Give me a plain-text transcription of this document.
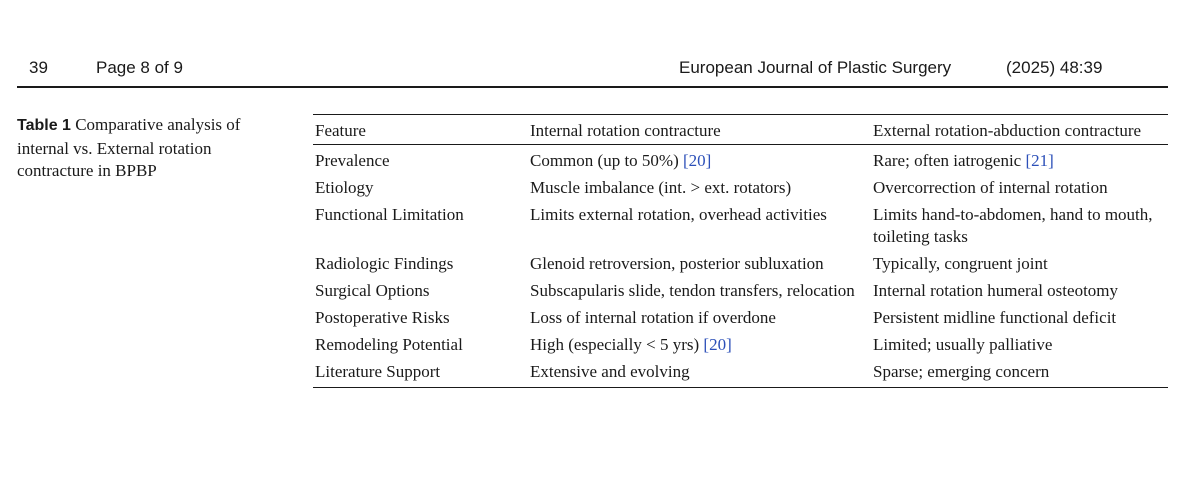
39	Page 8 of 9	European Journal of Plastic Surgery	(2025) 48:39
Table 1 Comparative analysis of internal vs. External rotation contracture in BPBP
Feature	Internal rotation contracture	External rotation-abduction contracture
Prevalence	Common (up to 50%) [20]	Rare; often iatrogenic [21]
Etiology	Muscle imbalance (int. > ext. rotators)	Overcorrection of internal rotation
Functional Limitation	Limits external rotation, overhead activities	Limits hand-to-abdomen, hand to mouth, toileting tasks
Radiologic Findings	Glenoid retroversion, posterior subluxation	Typically, congruent joint
Surgical Options	Subscapularis slide, tendon transfers, relocation	Internal rotation humeral osteotomy
Postoperative Risks	Loss of internal rotation if overdone	Persistent midline functional deficit
Remodeling Potential	High (especially < 5 yrs) [20]	Limited; usually palliative
Literature Support	Extensive and evolving	Sparse; emerging concern
